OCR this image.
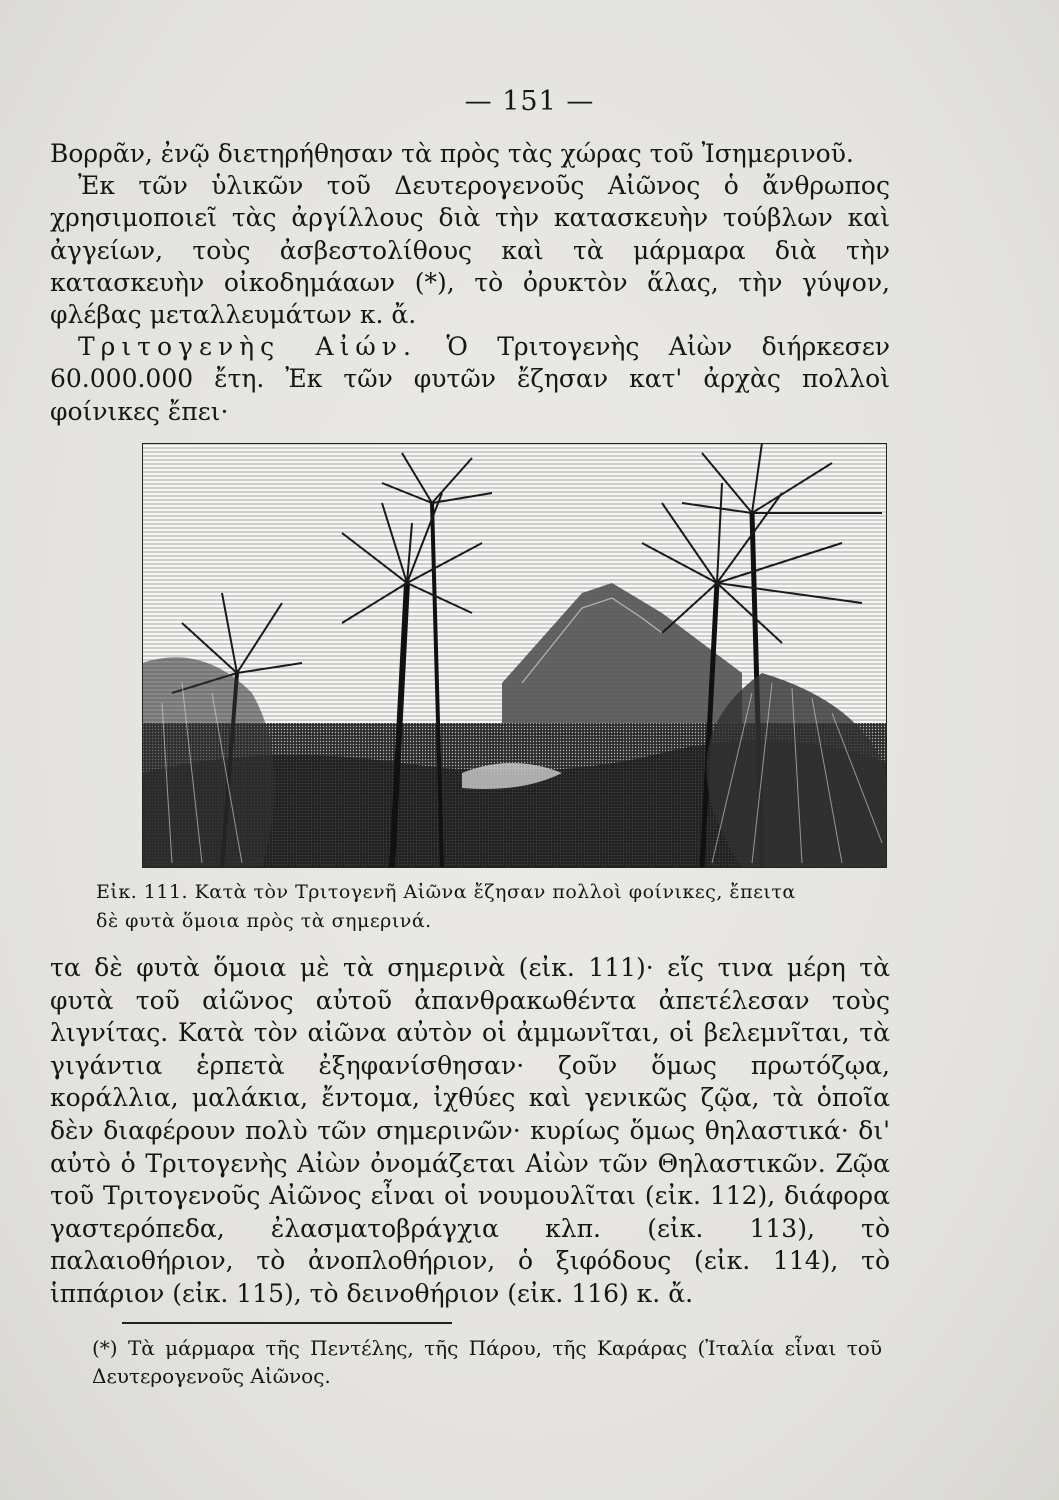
— 151 —

Βορρᾶν, ἐνῷ διετηρήθησαν τὰ πρὸς τὰς χώρας τοῦ Ἰσημερινοῦ.

Ἐκ τῶν ὑλικῶν τοῦ Δευτερογενοῦς Αἰῶνος ὁ ἄνθρωπος χρησιμοποιεῖ τὰς ἀργίλλους διὰ τὴν κατασκευὴν τούβλων καὶ ἀγγείων, τοὺς ἀσβεστολίθους καὶ τὰ μάρμαρα διὰ τὴν κατασκευὴν οἰκοδημάαων (*), τὸ ὀρυκτὸν ἅλας, τὴν γύψον, φλέβας μεταλλευμάτων κ. ἄ.

Τριτογενὴς Αἰών. Ὁ Τριτογενὴς Αἰὼν διήρκεσεν 60.000.000 ἔτη. Ἐκ τῶν φυτῶν ἔζησαν κατ' ἀρχὰς πολλοὶ φοίνικες ἔπει·

Εἰκ. 111. Κατὰ τὸν Τριτογενῆ Αἰῶνα ἔζησαν πολλοὶ φοίνικες, ἔπειτα

δὲ φυτὰ ὅμοια πρὸς τὰ σημερινά.

τα δὲ φυτὰ ὅμοια μὲ τὰ σημερινὰ (εἰκ. 111)· εἴς τινα μέρη τὰ φυτὰ τοῦ αἰῶνος αὐτοῦ ἀπανθρακωθέντα ἀπετέλεσαν τοὺς λιγνίτας. Κατὰ τὸν αἰῶνα αὐτὸν οἱ ἀμμωνῖται, οἱ βελεμνῖται, τὰ γιγάντια ἑρπετὰ ἐξηφανίσθησαν· ζοῦν ὅμως πρωτόζῳα, κοράλλια, μαλάκια, ἔντομα, ἰχθύες καὶ γενικῶς ζῷα, τὰ ὁποῖα δὲν διαφέρουν πολὺ τῶν σημερινῶν· κυρίως ὅμως θηλαστικά· δι' αὐτὸ ὁ Τριτογενὴς Αἰὼν ὀνομάζεται Αἰὼν τῶν Θηλαστικῶν. Ζῷα τοῦ Τριτογενοῦς Αἰῶνος εἶναι οἱ νουμουλῖται (εἰκ. 112), διάφορα γαστερόπεδα, ἐλασματοβράγχια κλπ. (εἰκ. 113), τὸ παλαιοθήριον, τὸ ἀνοπλοθήριον, ὁ ξιφόδους (εἰκ. 114), τὸ ἱππάριον (εἰκ. 115), τὸ δεινοθήριον (εἰκ. 116) κ. ἄ.

(*) Τὰ μάρμαρα τῆς Πεντέλης, τῆς Πάρου, τῆς Καράρας (Ἰταλία εἶναι τοῦ Δευτερογενοῦς Αἰῶνος.
